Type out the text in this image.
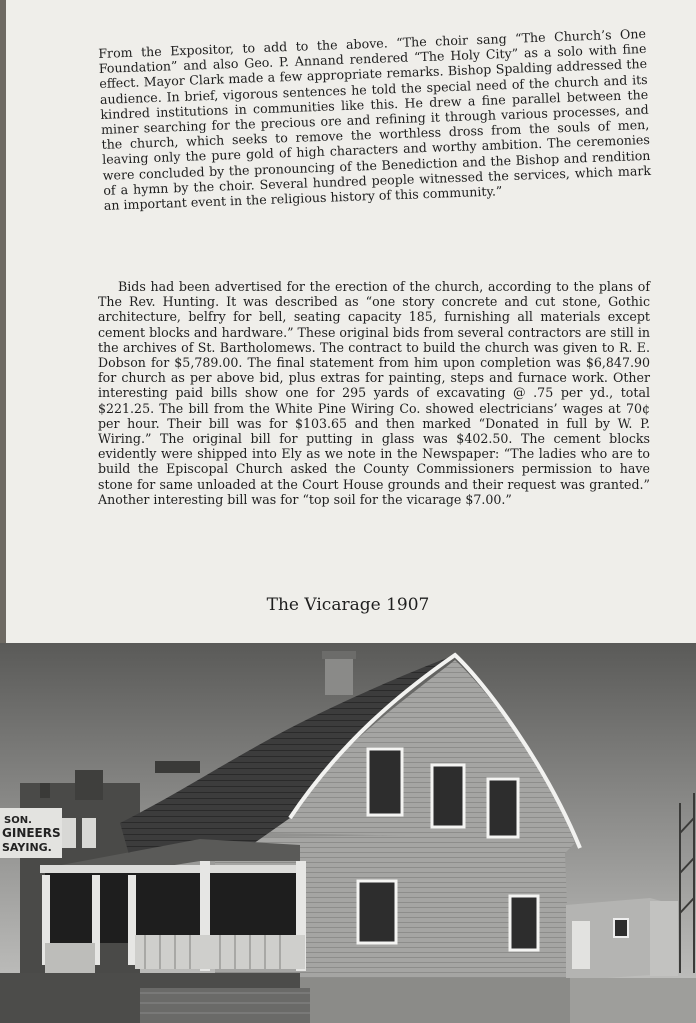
From the Expositor, to add to the above. “The choir sang “The Church’s One Foundation” and also Geo. P. Annand rendered “The Holy City” as a solo with fine effect. Mayor Clark made a few appropriate remarks. Bishop Spalding addressed the audience. In brief, vigorous sentences he told the special need of the church and its kindred institutions in communities like this. He drew a fine parallel between the miner searching for the precious ore and refining it through various processes, and the church, which seeks to remove the worthless dross from the souls of men, leaving only the pure gold of high characters and worthy ambition. The ceremonies were concluded by the pronouncing of the Benediction and the Bishop and rendition of a hymn by the choir. Several hundred people witnessed the services, which mark an important event in the religious history of this community.”

Bids had been advertised for the erection of the church, according to the plans of The Rev. Hunting. It was described as “one story concrete and cut stone, Gothic architecture, belfry for bell, seating capacity 185, furnishing all materials except cement blocks and hardware.” These original bids from several contractors are still in the archives of St. Bartholomews. The contract to build the church was given to R. E. Dobson for $5,789.00. The final statement from him upon completion was $6,847.90 for church as per above bid, plus extras for painting, steps and furnace work. Other interesting paid bills show one for 295 yards of excavating @ .75 per yd., total $221.25. The bill from the White Pine Wiring Co. showed electricians’ wages at 70¢ per hour. Their bill was for $103.65 and then marked “Donated in full by W. P. Wiring.” The original bill for putting in glass was $402.50. The cement blocks evidently were shipped into Ely as we note in the Newspaper: “The ladies who are to build the Episcopal Church asked the County Commissioners permission to have stone for same unloaded at the Court House grounds and their request was granted.” Another interesting bill was for “top soil for the vicarage $7.00.”

The Vicarage 1907

SON.
GINEERS
SAYING.
